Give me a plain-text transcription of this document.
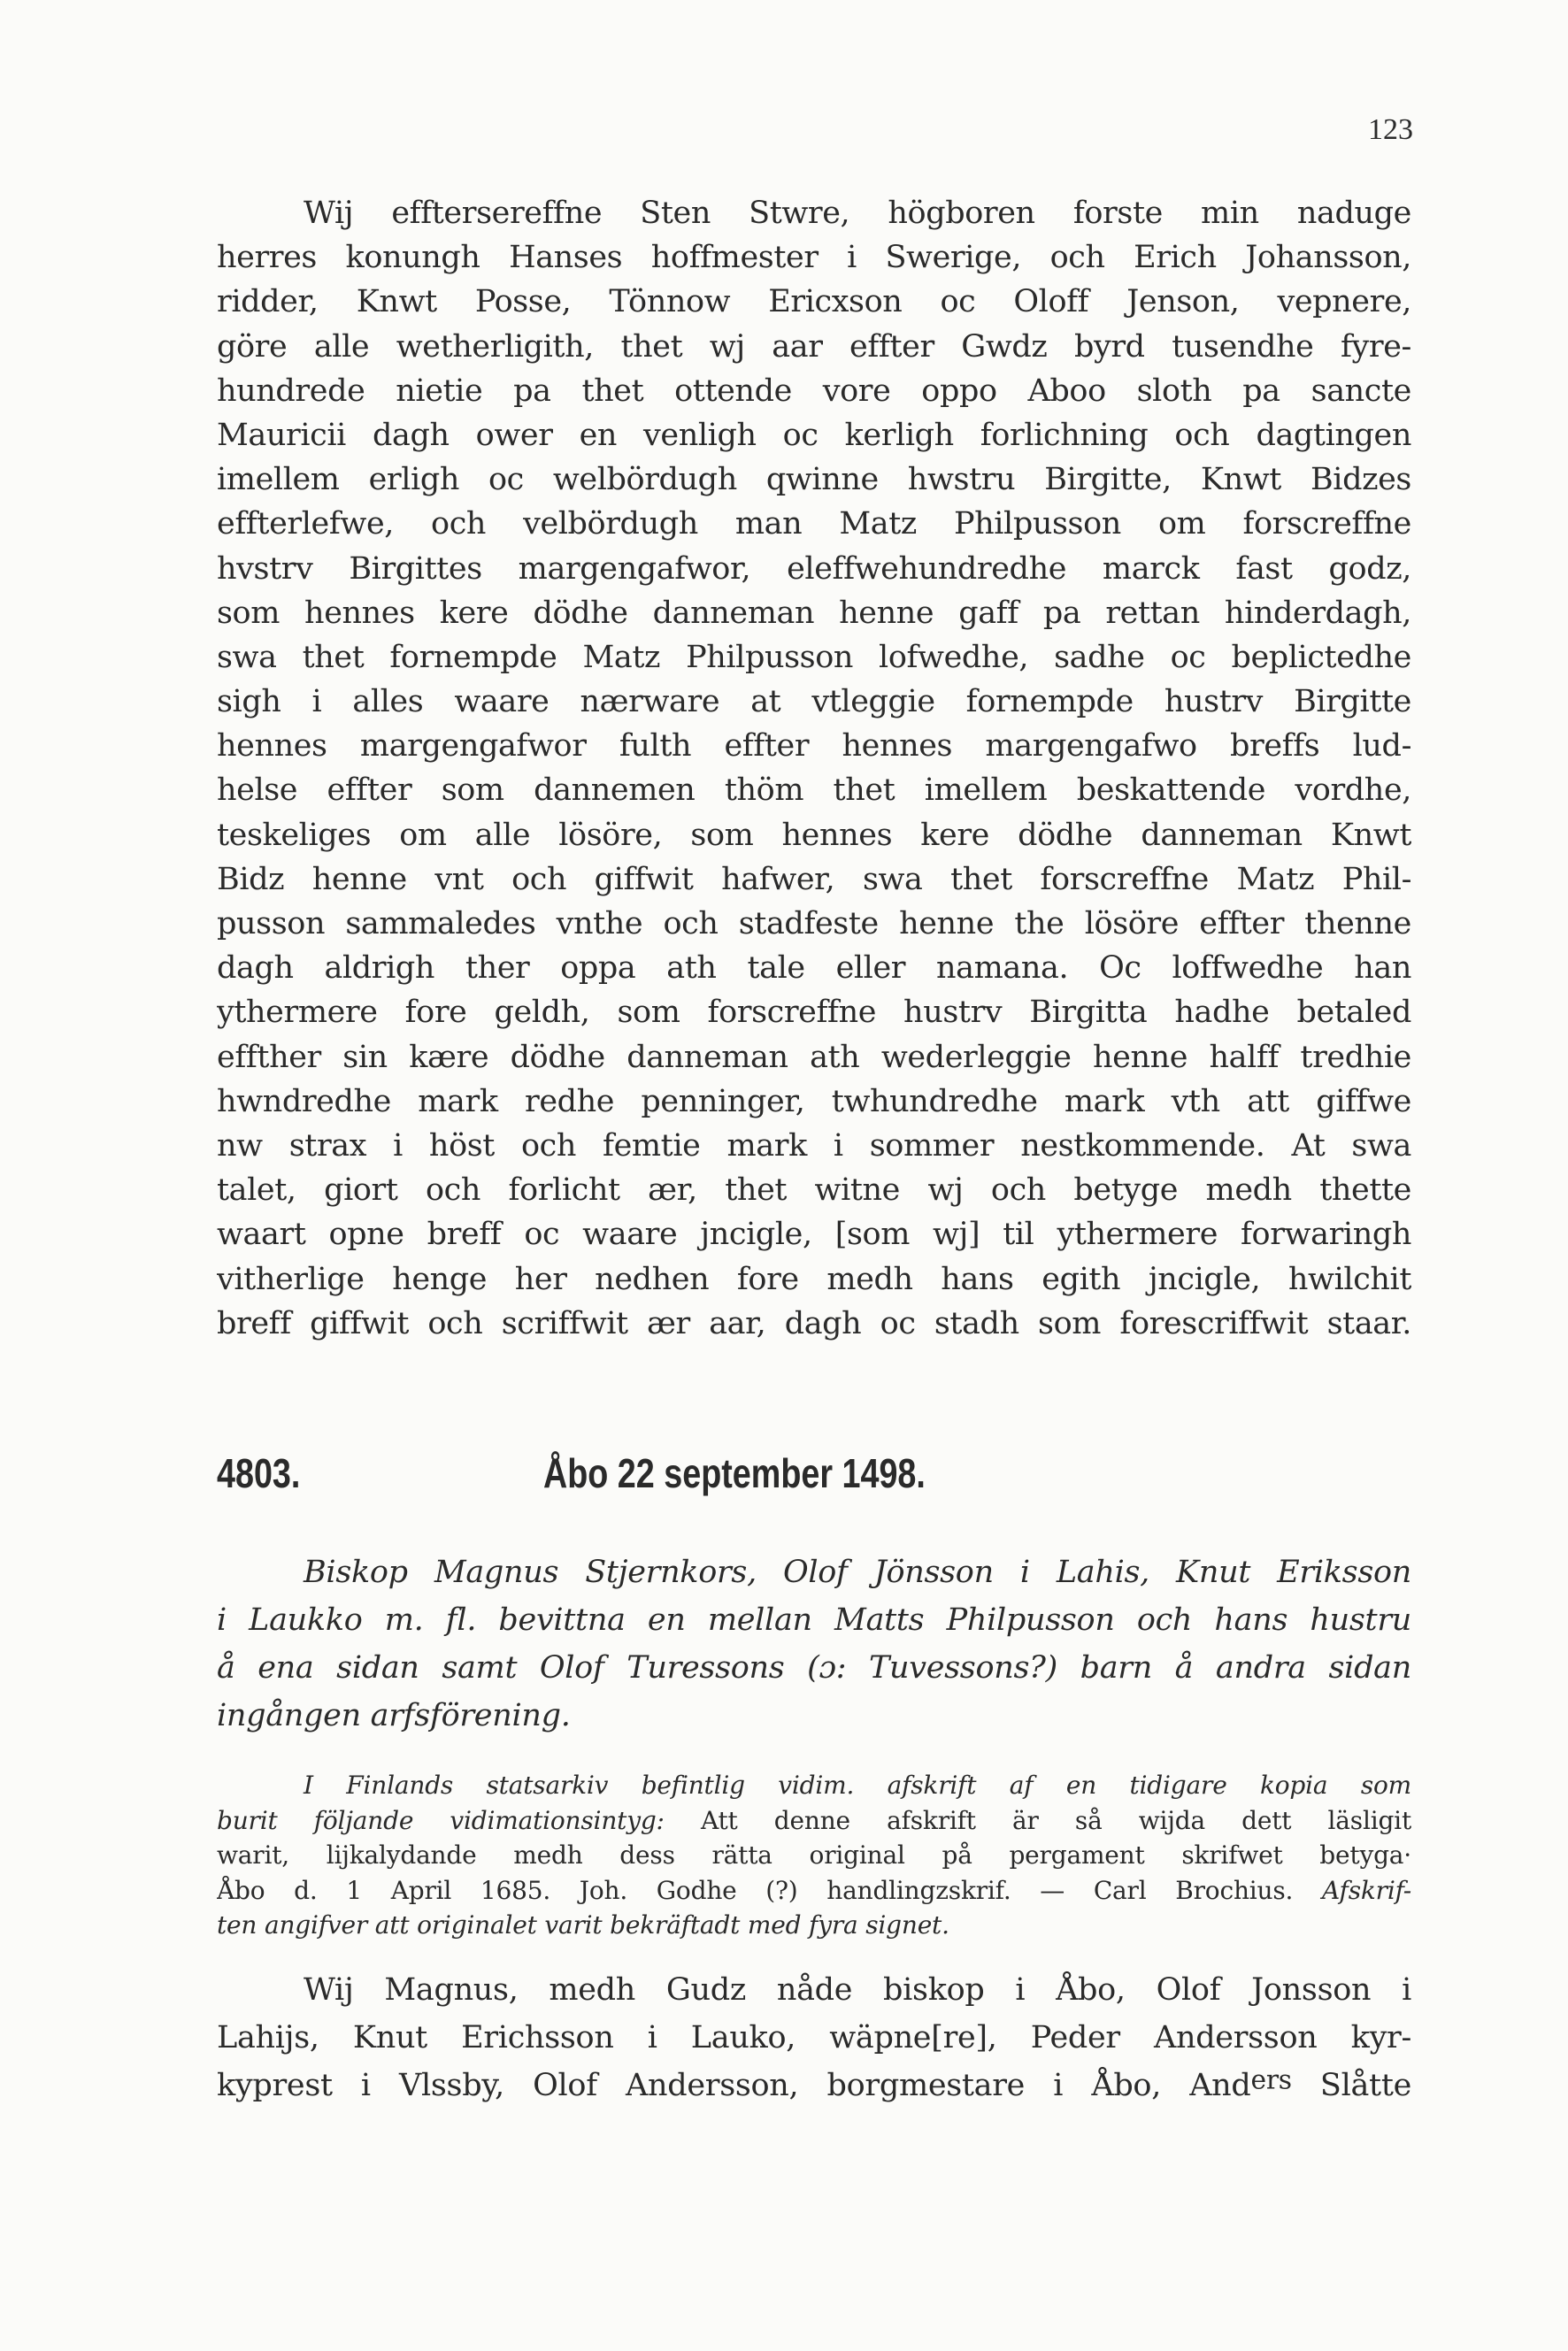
123
Wij efftersereffne Sten Stwre, högboren forste min naduge
herres konungh Hanses hoffmester i Swerige, och Erich Johansson,
ridder, Knwt Posse, Tönnow Ericxson oc Oloff Jenson, vepnere,
göre alle wetherligith, thet wj aar effter Gwdz byrd tusendhe fyre-
hundrede nietie pa thet ottende vore oppo Aboo sloth pa sancte
Mauricii dagh ower en venligh oc kerligh forlichning och dagtingen
imellem erligh oc welbördugh qwinne hwstru Birgitte, Knwt Bidzes
effterlefwe, och velbördugh man Matz Philpusson om forscreffne
hvstrv Birgittes margengafwor, eleffwehundredhe marck fast godz,
som hennes kere dödhe danneman henne gaff pa rettan hinderdagh,
swa thet fornempde Matz Philpusson lofwedhe, sadhe oc beplictedhe
sigh i alles waare nærware at vtleggie fornempde hustrv Birgitte
hennes margengafwor fulth effter hennes margengafwo breffs lud-
helse effter som dannemen thöm thet imellem beskattende vordhe,
teskeliges om alle lösöre, som hennes kere dödhe danneman Knwt
Bidz henne vnt och giffwit hafwer, swa thet forscreffne Matz Phil-
pusson sammaledes vnthe och stadfeste henne the lösöre effter thenne
dagh aldrigh ther oppa ath tale eller namana. Oc loffwedhe han
ythermere fore geldh, som forscreffne hustrv Birgitta hadhe betaled
effther sin kære dödhe danneman ath wederleggie henne halff tredhie
hwndredhe mark redhe penninger, twhundredhe mark vth att giffwe
nw strax i höst och femtie mark i sommer nestkommende. At swa
talet, giort och forlicht ær, thet witne wj och betyge medh thette
waart opne breff oc waare jncigle, [som wj] til ythermere forwaringh
vitherlige henge her nedhen fore medh hans egith jncigle, hwilchit
breff giffwit och scriffwit ær aar, dagh oc stadh som forescriffwit staar.
4803.	Åbo 22 september 1498.
Biskop Magnus Stjernkors, Olof Jönsson i Lahis, Knut Eriksson
i Laukko m. fl. bevittna en mellan Matts Philpusson och hans hustru
å ena sidan samt Olof Turessons (ɔ: Tuvessons?) barn å andra sidan
ingången arfsförening.
I Finlands statsarkiv befintlig vidim. afskrift af en tidigare kopia som
burit följande vidimationsintyg: Att denne afskrift är så wijda dett läsligit
warit, lijkalydande medh dess rätta original på pergament skrifwet betyga·
Åbo d. 1 April 1685. Joh. Godhe (?) handlingzskrif. — Carl Brochius. Afskrif-
ten angifver att originalet varit bekräftadt med fyra signet.
Wij Magnus, medh Gudz nåde biskop i Åbo, Olof Jonsson i
Lahijs, Knut Erichsson i Lauko, wäpne[re], Peder Andersson kyr-
kyprest i Vlssby, Olof Andersson, borgmestare i Åbo, And$^{ers}$ Slåtte
